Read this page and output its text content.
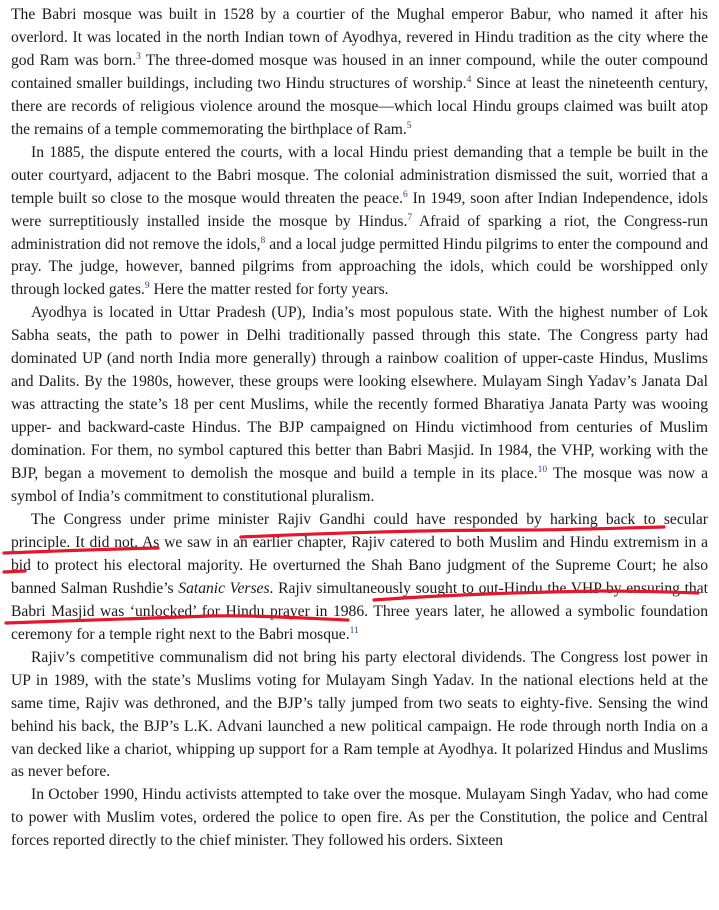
The Babri mosque was built in 1528 by a courtier of the Mughal emperor Babur, who named it after his overlord. It was located in the north Indian town of Ayodhya, revered in Hindu tradition as the city where the god Ram was born.$^3$ The three-domed mosque was housed in an inner compound, while the outer compound contained smaller buildings, including two Hindu structures of worship.$^4$ Since at least the nineteenth century, there are records of religious violence around the mosque—which local Hindu groups claimed was built atop the remains of a temple commemorating the birthplace of Ram.$^5$

In 1885, the dispute entered the courts, with a local Hindu priest demanding that a temple be built in the outer courtyard, adjacent to the Babri mosque. The colonial administration dismissed the suit, worried that a temple built so close to the mosque would threaten the peace.$^6$ In 1949, soon after Indian Independence, idols were surreptitiously installed inside the mosque by Hindus.$^7$ Afraid of sparking a riot, the Congress-run administration did not remove the idols,$^8$ and a local judge permitted Hindu pilgrims to enter the compound and pray. The judge, however, banned pilgrims from approaching the idols, which could be worshipped only through locked gates.$^9$ Here the matter rested for forty years.

Ayodhya is located in Uttar Pradesh (UP), India’s most populous state. With the highest number of Lok Sabha seats, the path to power in Delhi traditionally passed through this state. The Congress party had dominated UP (and north India more generally) through a rainbow coalition of upper-caste Hindus, Muslims and Dalits. By the 1980s, however, these groups were looking elsewhere. Mulayam Singh Yadav’s Janata Dal was attracting the state’s 18 per cent Muslims, while the recently formed Bharatiya Janata Party was wooing upper- and backward-caste Hindus. The BJP campaigned on Hindu victimhood from centuries of Muslim domination. For them, no symbol captured this better than Babri Masjid. In 1984, the VHP, working with the BJP, began a movement to demolish the mosque and build a temple in its place.$^{10}$ The mosque was now a symbol of India’s commitment to constitutional pluralism.

The Congress under prime minister Rajiv Gandhi could have responded by harking back to secular principle. It did not. As we saw in an earlier chapter, Rajiv catered to both Muslim and Hindu extremism in a bid to protect his electoral majority. He overturned the Shah Bano judgment of the Supreme Court; he also banned Salman Rushdie’s Satanic Verses. Rajiv simultaneously sought to out-Hindu the VHP by ensuring that Babri Masjid was ‘unlocked’ for Hindu prayer in 1986. Three years later, he allowed a symbolic foundation ceremony for a temple right next to the Babri mosque.$^{11}$

Rajiv’s competitive communalism did not bring his party electoral dividends. The Congress lost power in UP in 1989, with the state’s Muslims voting for Mulayam Singh Yadav. In the national elections held at the same time, Rajiv was dethroned, and the BJP’s tally jumped from two seats to eighty-five. Sensing the wind behind his back, the BJP’s L.K. Advani launched a new political campaign. He rode through north India on a van decked like a chariot, whipping up support for a Ram temple at Ayodhya. It polarized Hindus and Muslims as never before.

In October 1990, Hindu activists attempted to take over the mosque. Mulayam Singh Yadav, who had come to power with Muslim votes, ordered the police to open fire. As per the Constitution, the police and Central forces reported directly to the chief minister. They followed his orders. Sixteen
